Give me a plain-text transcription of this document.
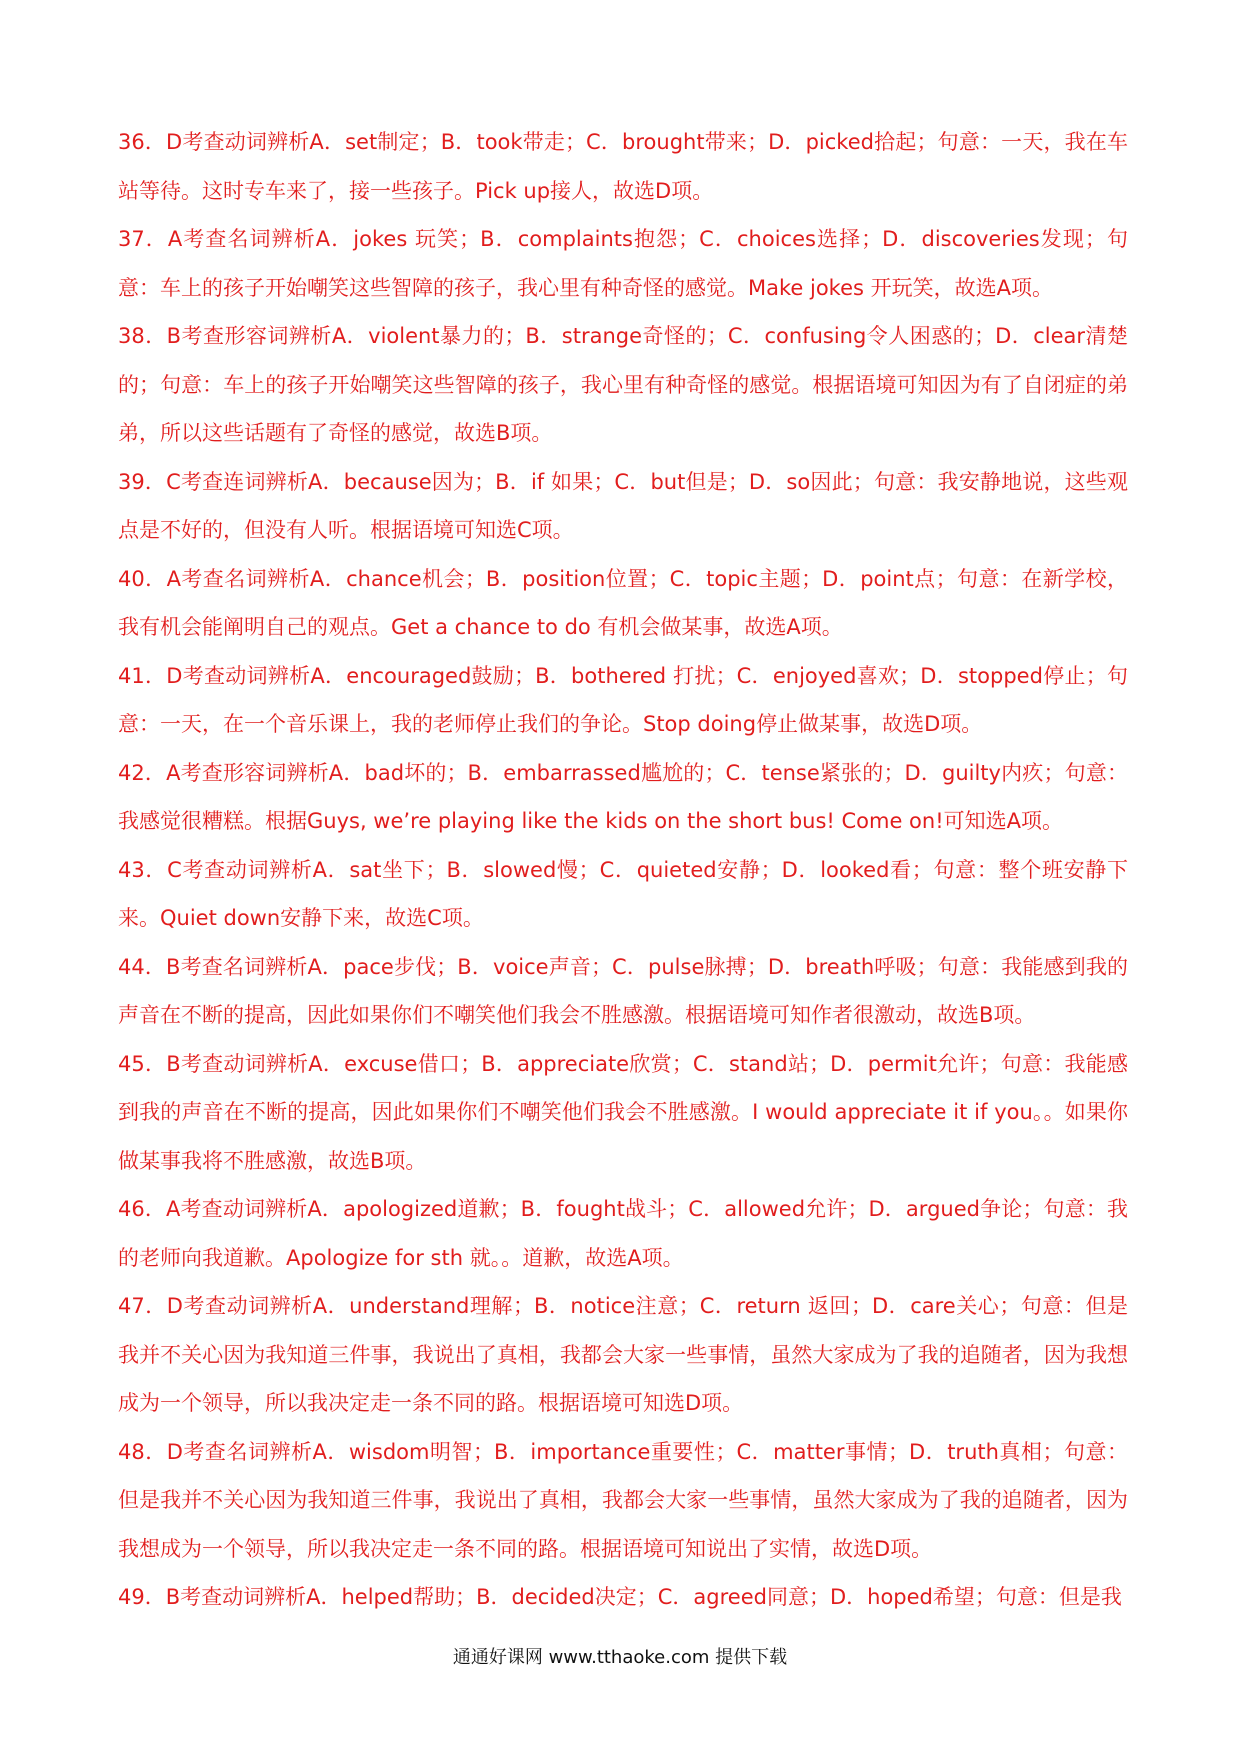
36．D考查动词辨析A．set制定；B．took带走；C．brought带来；D．picked拾起；句意：一天，我在车站等待。这时专车来了，接一些孩子。Pick up接人，故选D项。

37．A考查名词辨析A．jokes 玩笑；B．complaints抱怨；C．choices选择；D．discoveries发现；句意：车上的孩子开始嘲笑这些智障的孩子，我心里有种奇怪的感觉。Make jokes 开玩笑，故选A项。

38．B考查形容词辨析A．violent暴力的；B．strange奇怪的；C．confusing令人困惑的；D．clear清楚的；句意：车上的孩子开始嘲笑这些智障的孩子，我心里有种奇怪的感觉。根据语境可知因为有了自闭症的弟弟，所以这些话题有了奇怪的感觉，故选B项。

39．C考查连词辨析A．because因为；B．if 如果；C．but但是；D．so因此；句意：我安静地说，这些观点是不好的，但没有人听。根据语境可知选C项。

40．A考查名词辨析A．chance机会；B．position位置；C．topic主题；D．point点；句意：在新学校，我有机会能阐明自己的观点。Get a chance to do 有机会做某事，故选A项。

41．D考查动词辨析A．encouraged鼓励；B．bothered 打扰；C．enjoyed喜欢；D．stopped停止；句意：一天，在一个音乐课上，我的老师停止我们的争论。Stop doing停止做某事，故选D项。

42．A考查形容词辨析A．bad坏的；B．embarrassed尴尬的；C．tense紧张的；D．guilty内疚；句意：我感觉很糟糕。根据Guys, we’re playing like the kids on the short bus! Come on!可知选A项。

43．C考查动词辨析A．sat坐下；B．slowed慢；C．quieted安静；D．looked看；句意：整个班安静下来。Quiet down安静下来，故选C项。

44．B考查名词辨析A．pace步伐；B．voice声音；C．pulse脉搏；D．breath呼吸；句意：我能感到我的声音在不断的提高，因此如果你们不嘲笑他们我会不胜感激。根据语境可知作者很激动，故选B项。

45．B考查动词辨析A．excuse借口；B．appreciate欣赏；C．stand站；D．permit允许；句意：我能感到我的声音在不断的提高，因此如果你们不嘲笑他们我会不胜感激。I would appreciate it if you。。如果你做某事我将不胜感激，故选B项。

46．A考查动词辨析A．apologized道歉；B．fought战斗；C．allowed允许；D．argued争论；句意：我的老师向我道歉。Apologize for sth 就。。道歉，故选A项。

47．D考查动词辨析A．understand理解；B．notice注意；C．return 返回；D．care关心；句意：但是我并不关心因为我知道三件事，我说出了真相，我都会大家一些事情，虽然大家成为了我的追随者，因为我想成为一个领导，所以我决定走一条不同的路。根据语境可知选D项。

48．D考查名词辨析A．wisdom明智；B．importance重要性；C．matter事情；D．truth真相；句意：但是我并不关心因为我知道三件事，我说出了真相，我都会大家一些事情，虽然大家成为了我的追随者，因为我想成为一个领导，所以我决定走一条不同的路。根据语境可知说出了实情，故选D项。

49．B考查动词辨析A．helped帮助；B．decided决定；C．agreed同意；D．hoped希望；句意：但是我

通通好课网 www.tthaoke.com 提供下载
